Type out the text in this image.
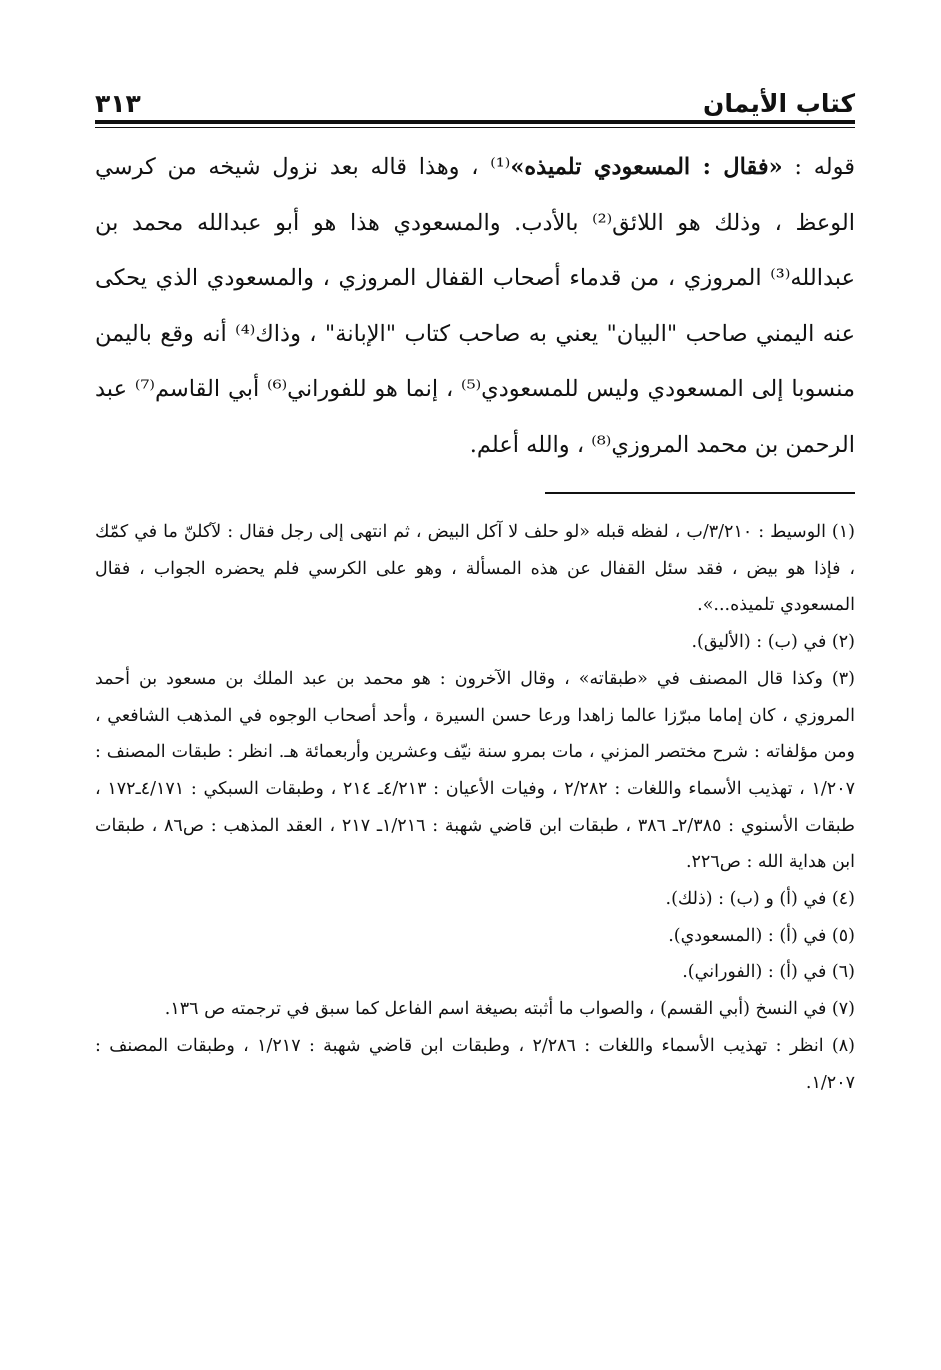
٣١٣	كتاب الأيمان

قوله : «فقال : المسعودي تلميذه»⁽¹⁾ ، وهذا قاله بعد نزول شيخه من كرسي الوعظ ، وذلك هو اللائق⁽²⁾ بالأدب. والمسعودي هذا هو أبو عبدالله محمد بن عبدالله⁽³⁾ المروزي ، من قدماء أصحاب القفال المروزي ، والمسعودي الذي يحكى عنه اليمني صاحب "البيان" يعني به صاحب كتاب "الإبانة" ، وذاك⁽⁴⁾ أنه وقع باليمن منسوبا إلى المسعودي وليس للمسعودي⁽⁵⁾ ، إنما هو للفوراني⁽⁶⁾ أبي القاسم⁽⁷⁾ عبد الرحمن بن محمد المروزي⁽⁸⁾ ، والله أعلم.

(١) الوسيط : ٣/٢١٠/ب ، لفظه قبله «لو حلف لا آكل البيض ، ثم انتهى إلى رجل فقال : لآكلنّ ما في كمّك ، فإذا هو بيض ، فقد سئل القفال عن هذه المسألة ، وهو على الكرسي فلم يحضره الجواب ، فقال المسعودي تلميذه...».

(٢) في (ب) : (الأليق).

(٣) وكذا قال المصنف في «طبقاته» ، وقال الآخرون : هو محمد بن عبد الملك بن مسعود بن أحمد المروزي ، كان إماما مبرّزا عالما زاهدا ورعا حسن السيرة ، وأحد أصحاب الوجوه في المذهب الشافعي ، ومن مؤلفاته : شرح مختصر المزني ، مات بمرو سنة نيّف وعشرين وأربعمائة هـ. انظر : طبقات المصنف : ١/٢٠٧ ، تهذيب الأسماء واللغات : ٢/٢٨٢ ، وفيات الأعيان : ٤/٢١٣ـ ٢١٤ ، وطبقات السبكي : ٤/١٧١ـ١٧٢ ، طبقات الأسنوي : ٢/٣٨٥ـ ٣٨٦ ، طبقات ابن قاضي شهبة : ١/٢١٦ـ ٢١٧ ، العقد المذهب : ص٨٦ ، طبقات ابن هداية الله : ص٢٢٦.

(٤) في (أ) و (ب) : (ذلك).

(٥) في (أ) : (المسعودي).

(٦) في (أ) : (الفوراني).

(٧) في النسخ (أبي القسم) ، والصواب ما أثبته بصيغة اسم الفاعل كما سبق في ترجمته ص ١٣٦.

(٨) انظر : تهذيب الأسماء واللغات : ٢/٢٨٦ ، وطبقات ابن قاضي شهبة : ١/٢١٧ ، وطبقات المصنف : ١/٢٠٧.
